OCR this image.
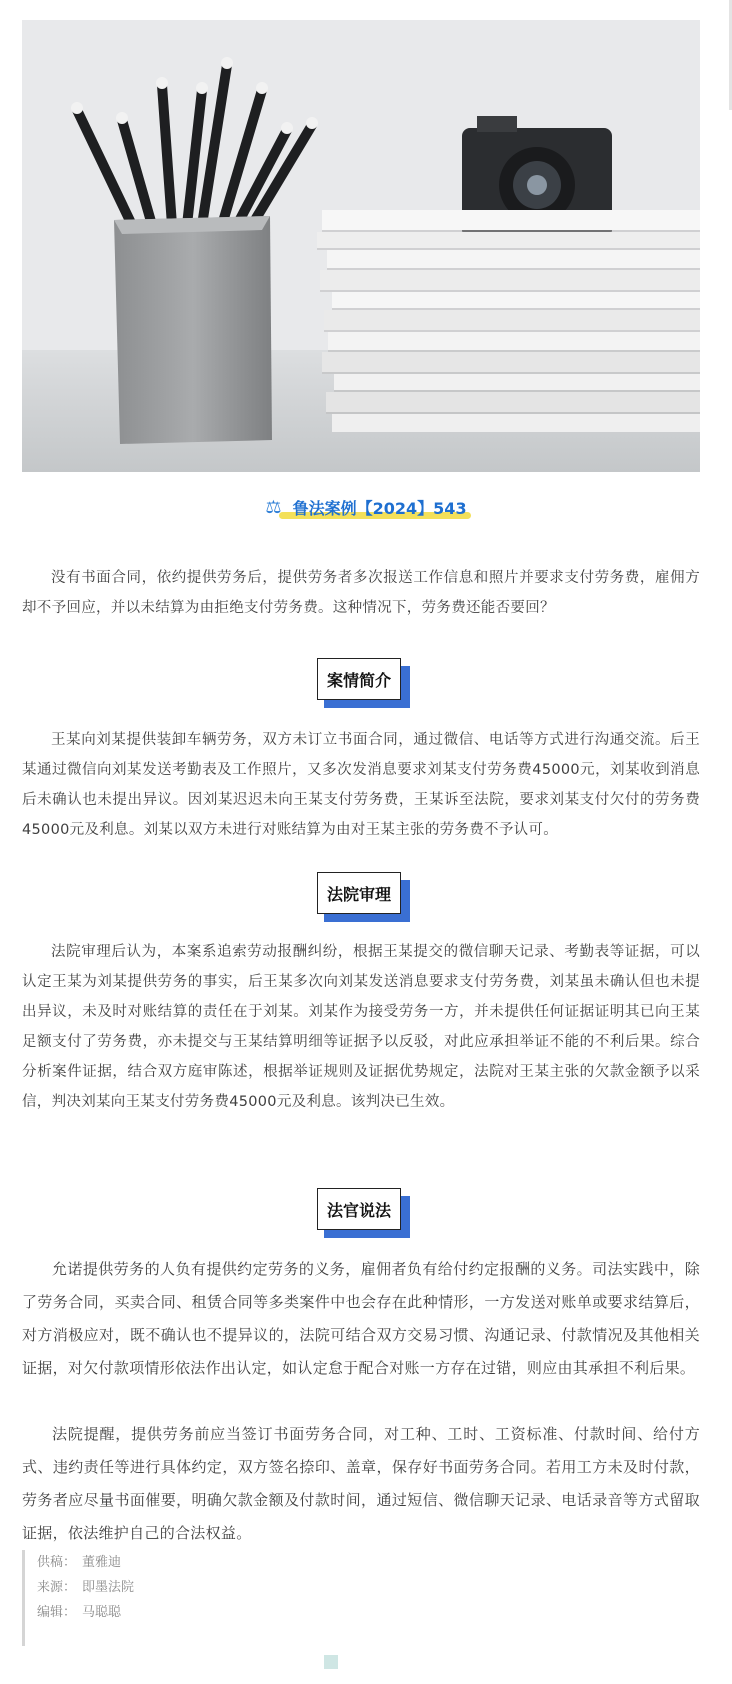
⚖ 鲁法案例【2024】543

没有书面合同，依约提供劳务后，提供劳务者多次报送工作信息和照片并要求支付劳务费，雇佣方却不予回应，并以未结算为由拒绝支付劳务费。这种情况下，劳务费还能否要回？

案情简介

王某向刘某提供装卸车辆劳务，双方未订立书面合同，通过微信、电话等方式进行沟通交流。后王某通过微信向刘某发送考勤表及工作照片，又多次发消息要求刘某支付劳务费45000元，刘某收到消息后未确认也未提出异议。因刘某迟迟未向王某支付劳务费，王某诉至法院，要求刘某支付欠付的劳务费45000元及利息。刘某以双方未进行对账结算为由对王某主张的劳务费不予认可。

法院审理

法院审理后认为，本案系追索劳动报酬纠纷，根据王某提交的微信聊天记录、考勤表等证据，可以认定王某为刘某提供劳务的事实，后王某多次向刘某发送消息要求支付劳务费，刘某虽未确认但也未提出异议，未及时对账结算的责任在于刘某。刘某作为接受劳务一方，并未提供任何证据证明其已向王某足额支付了劳务费，亦未提交与王某结算明细等证据予以反驳，对此应承担举证不能的不利后果。综合分析案件证据，结合双方庭审陈述，根据举证规则及证据优势规定，法院对王某主张的欠款金额予以采信，判决刘某向王某支付劳务费45000元及利息。该判决已生效。

法官说法

允诺提供劳务的人负有提供约定劳务的义务，雇佣者负有给付约定报酬的义务。司法实践中，除了劳务合同，买卖合同、租赁合同等多类案件中也会存在此种情形，一方发送对账单或要求结算后，对方消极应对，既不确认也不提异议的，法院可结合双方交易习惯、沟通记录、付款情况及其他相关证据，对欠付款项情形依法作出认定，如认定怠于配合对账一方存在过错，则应由其承担不利后果。

法院提醒，提供劳务前应当签订书面劳务合同，对工种、工时、工资标准、付款时间、给付方式、违约责任等进行具体约定，双方签名捺印、盖章，保存好书面劳务合同。若用工方未及时付款，劳务者应尽量书面催要，明确欠款金额及付款时间，通过短信、微信聊天记录、电话录音等方式留取证据，依法维护自己的合法权益。

供稿： 董雅迪
来源： 即墨法院
编辑： 马聪聪
